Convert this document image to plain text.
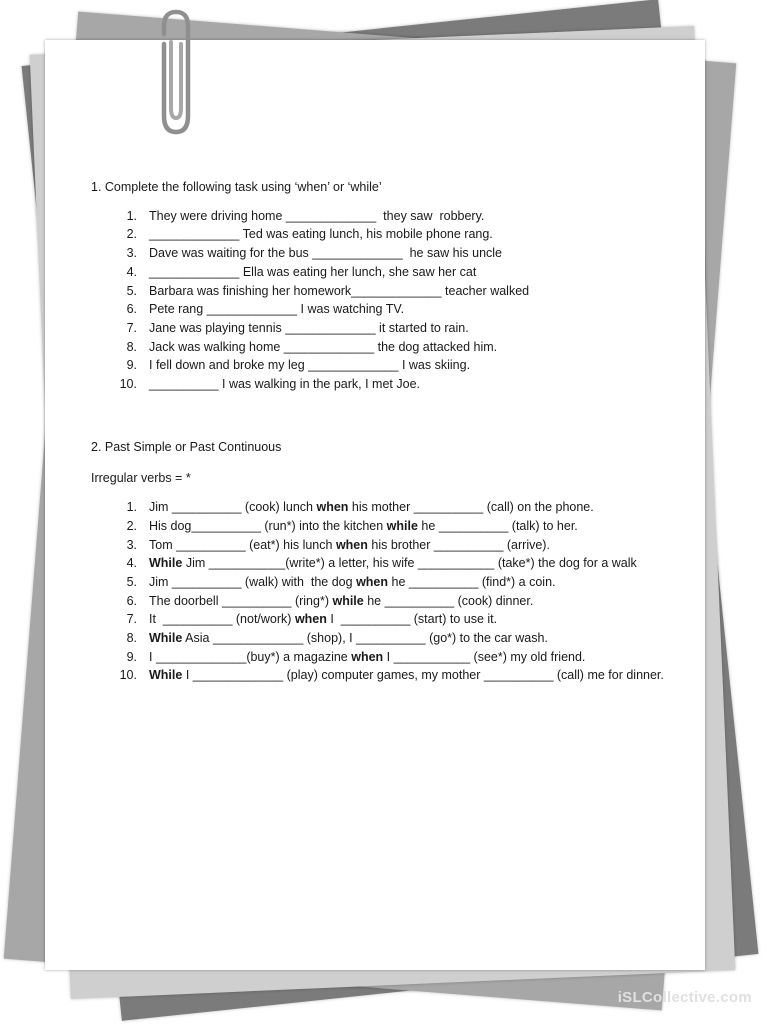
1. Complete the following task using ‘when’ or ‘while’

1. They were driving home _____________  they saw  robbery.
2. _____________ Ted was eating lunch, his mobile phone rang.
3. Dave was waiting for the bus _____________  he saw his uncle
4. _____________ Ella was eating her lunch, she saw her cat
5. Barbara was finishing her homework_____________ teacher walked
6. Pete rang _____________ I was watching TV.
7. Jane was playing tennis _____________ it started to rain.
8. Jack was walking home _____________ the dog attacked him.
9. I fell down and broke my leg _____________ I was skiing.
10. __________ I was walking in the park, I met Joe.

2. Past Simple or Past Continuous

Irregular verbs = *

1. Jim __________ (cook) lunch when his mother __________ (call) on the phone.
2. His dog__________ (run*) into the kitchen while he __________ (talk) to her.
3. Tom __________ (eat*) his lunch when his brother __________ (arrive).
4. While Jim ___________(write*) a letter, his wife ___________ (take*) the dog for a walk
5. Jim __________ (walk) with  the dog when he __________ (find*) a coin.
6. The doorbell __________ (ring*) while he __________ (cook) dinner.
7. It  __________ (not/work) when I  __________ (start) to use it.
8. While Asia _____________ (shop), I __________ (go*) to the car wash.
9. I _____________(buy*) a magazine when I ___________ (see*) my old friend.
10. While I _____________ (play) computer games, my mother __________ (call) me for dinner.
iSLCollective.com
